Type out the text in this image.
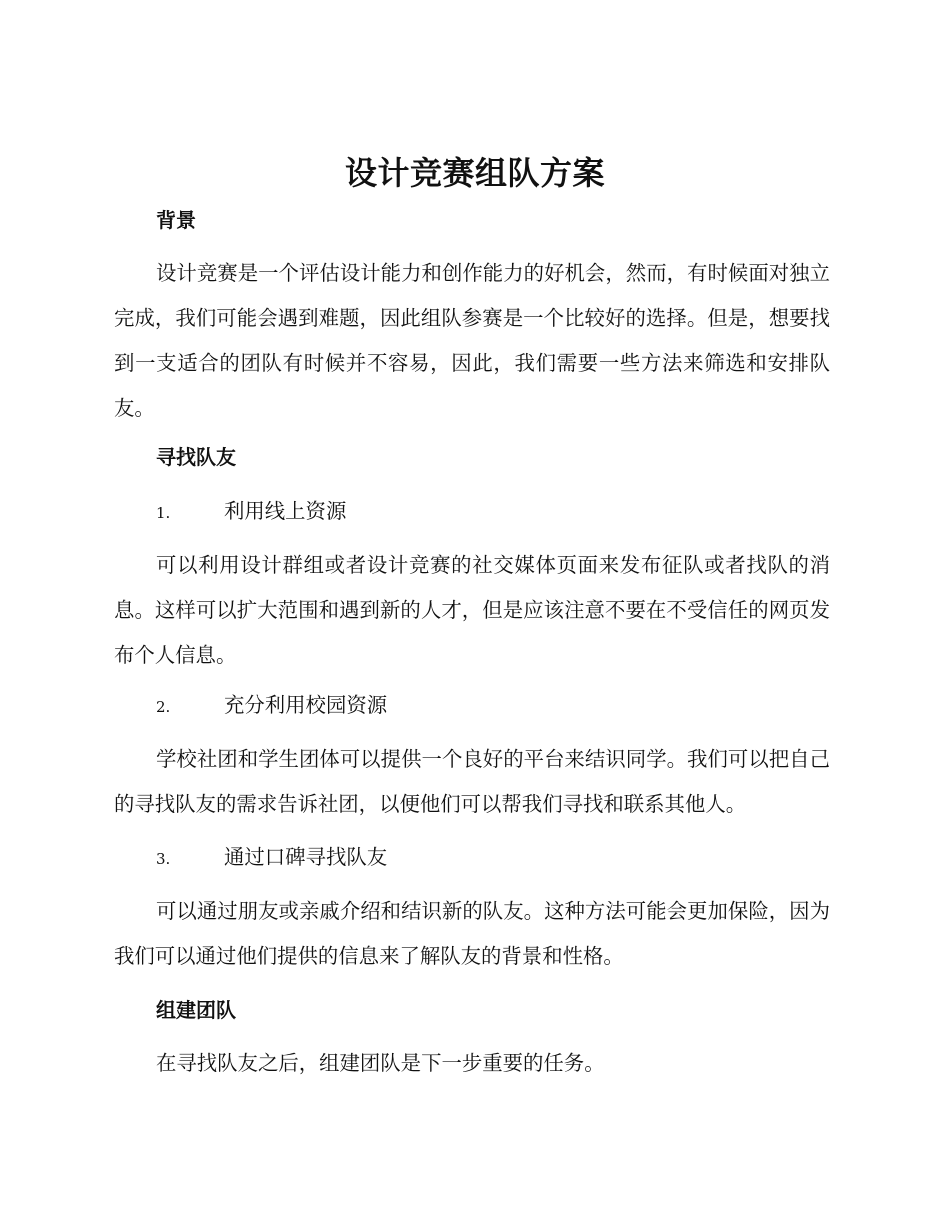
设计竞赛组队方案
背景

设计竞赛是一个评估设计能力和创作能力的好机会，然而，有时候面对独立完成，我们可能会遇到难题，因此组队参赛是一个比较好的选择。但是，想要找到一支适合的团队有时候并不容易，因此，我们需要一些方法来筛选和安排队友。

寻找队友
1.	利用线上资源

可以利用设计群组或者设计竞赛的社交媒体页面来发布征队或者找队的消息。这样可以扩大范围和遇到新的人才，但是应该注意不要在不受信任的网页发布个人信息。

2.	充分利用校园资源

学校社团和学生团体可以提供一个良好的平台来结识同学。我们可以把自己的寻找队友的需求告诉社团，以便他们可以帮我们寻找和联系其他人。

3.	通过口碑寻找队友

可以通过朋友或亲戚介绍和结识新的队友。这种方法可能会更加保险，因为我们可以通过他们提供的信息来了解队友的背景和性格。

组建团队

在寻找队友之后，组建团队是下一步重要的任务。
